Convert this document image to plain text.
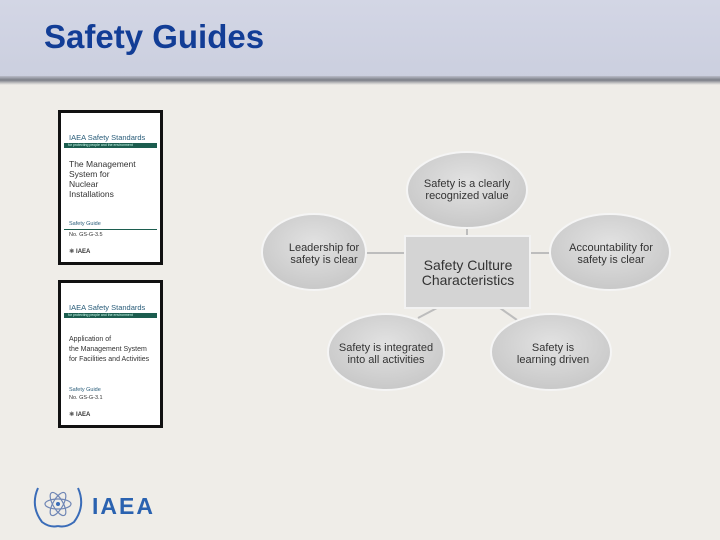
Safety Guides
IAEA Safety Standards
for protecting people and the environment
The Management
System for
Nuclear
Installations
Safety Guide
No. GS-G-3.5
⚛ IAEA
IAEA Safety Standards
for protecting people and the environment
Application of
the Management System
for Facilities and Activities
Safety Guide
No. GS-G-3.1
⚛ IAEA
Safety is a clearly
recognized value
Leadership for
safety is clear
Accountability for
safety is clear
Safety is integrated
into all activities
Safety is
learning driven
Safety Culture
Characteristics
IAEA
